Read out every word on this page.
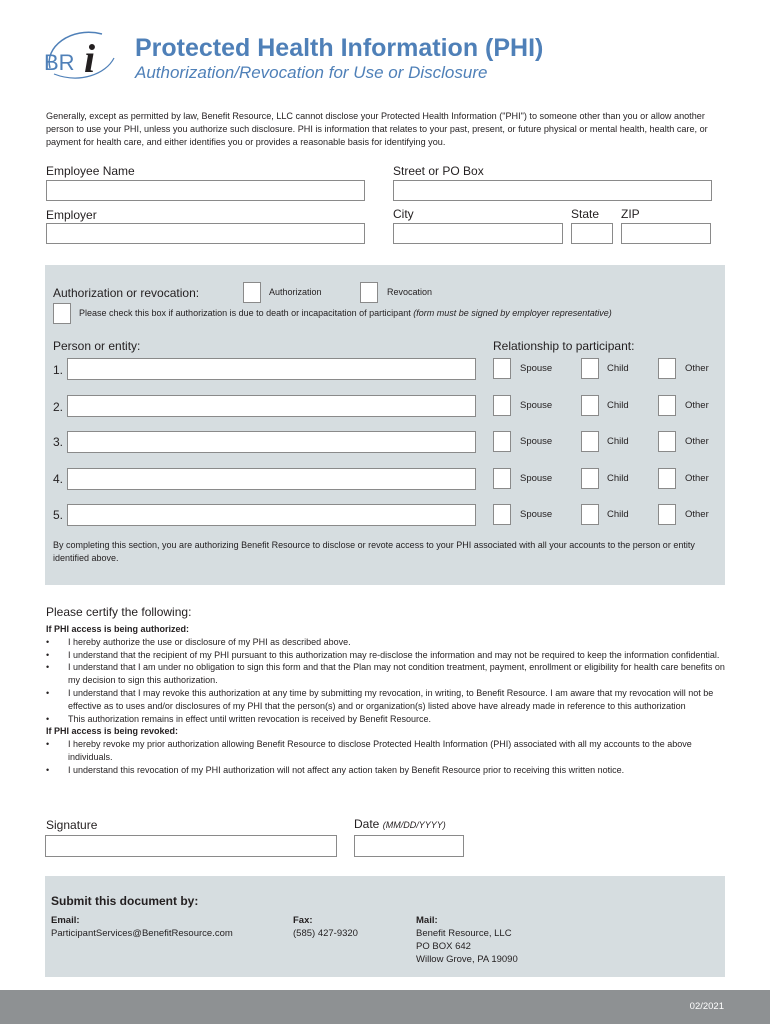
BR i Protected Health Information (PHI)
Authorization/Revocation for Use or Disclosure
Generally, except as permitted by law, Benefit Resource, LLC cannot disclose your Protected Health Information ("PHI") to someone other than you or allow another person to use your PHI, unless you authorize such disclosure. PHI is information that relates to your past, present, or future physical or mental health, health care, or payment for health care, and either identifies you or provides a reasonable basis for identifying you.
Employee Name	Street or PO Box
Employer	City	State ZIP
Authorization or revocation:	Authorization	Revocation
Please check this box if authorization is due to death or incapacitation of participant (form must be signed by employer representative)
Person or entity:	Relationship to participant:
1.	Spouse	Child	Other
2.	Spouse	Child	Other
3.	Spouse	Child	Other
4.	Spouse	Child	Other
5.	Spouse	Child	Other
By completing this section, you are authorizing Benefit Resource to disclose or revote access to your PHI associated with all your accounts to the person or entity identified above.
Please certify the following:
If PHI access is being authorized:
• I hereby authorize the use or disclosure of my PHI as described above.
• I understand that the recipient of my PHI pursuant to this authorization may re-disclose the information and may not be required to keep the information confidential.
• I understand that I am under no obligation to sign this form and that the Plan may not condition treatment, payment, enrollment or eligibility for health care benefits on my decision to sign this authorization.
• I understand that I may revoke this authorization at any time by submitting my revocation, in writing, to Benefit Resource. I am aware that my revocation will not be effective as to uses and/or disclosures of my PHI that the person(s) and or organization(s) listed above have already made in reference to this authorization
• This authorization remains in effect until written revocation is received by Benefit Resource.
If PHI access is being revoked:
• I hereby revoke my prior authorization allowing Benefit Resource to disclose Protected Health Information (PHI) associated with all my accounts to the above individuals.
• I understand this revocation of my PHI authorization will not affect any action taken by Benefit Resource prior to receiving this written notice.
Signature	Date (MM/DD/YYYY)
Submit this document by:
Email:
ParticipantServices@BenefitResource.com
Fax:
(585) 427-9320
Mail:
Benefit Resource, LLC
PO BOX 642
Willow Grove, PA 19090
02/2021
